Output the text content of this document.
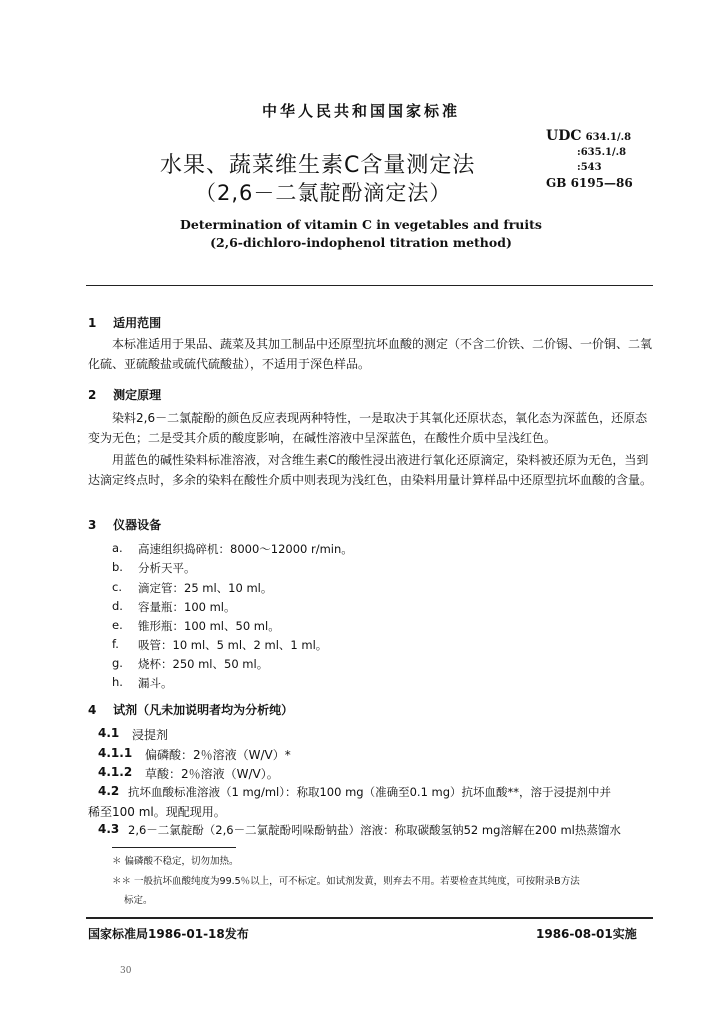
中华人民共和国国家标准
UDC 634.1/.8
:635.1/.8
:543
GB 6195—86
水果、蔬菜维生素C含量测定法
（2,6－二氯靛酚滴定法）
Determination of vitamin C in vegetables and fruits
(2,6-dichloro-indophenol titration method)
1 适用范围
本标准适用于果品、蔬菜及其加工制品中还原型抗坏血酸的测定（不含二价铁、二价锡、一价铜、二氧化硫、亚硫酸盐或硫代硫酸盐），不适用于深色样品。
2 测定原理
染料2,6－二氯靛酚的颜色反应表现两种特性，一是取决于其氧化还原状态，氧化态为深蓝色，还原态变为无色；二是受其介质的酸度影响，在碱性溶液中呈深蓝色，在酸性介质中呈浅红色。
用蓝色的碱性染料标准溶液，对含维生素C的酸性浸出液进行氧化还原滴定，染料被还原为无色，当到达滴定终点时，多余的染料在酸性介质中则表现为浅红色，由染料用量计算样品中还原型抗坏血酸的含量。
3 仪器设备
a. 高速组织捣碎机：8000～12000 r/min。
b. 分析天平。
c. 滴定管：25 ml、10 ml。
d. 容量瓶：100 ml。
e. 锥形瓶：100 ml、50 ml。
f. 吸管：10 ml、5 ml、2 ml、1 ml。
g. 烧杯：250 ml、50 ml。
h. 漏斗。
4 试剂（凡未加说明者均为分析纯）
4.1 浸提剂
4.1.1 偏磷酸：2％溶液（W/V）*
4.1.2 草酸：2％溶液（W/V）。
4.2 抗坏血酸标准溶液（1 mg/ml）：称取100 mg（准确至0.1 mg）抗坏血酸**，溶于浸提剂中并
稀至100 ml。现配现用。
4.3 2,6－二氯靛酚（2,6－二氯靛酚吲哚酚钠盐）溶液：称取碳酸氢钠52 mg溶解在200 ml热蒸馏水
＊ 偏磷酸不稳定，切勿加热。
＊＊ 一般抗坏血酸纯度为99.5％以上，可不标定。如试剂发黄，则弃去不用。若要检查其纯度，可按附录B方法
标定。
国家标准局1986-01-18发布	1986-08-01实施
30
